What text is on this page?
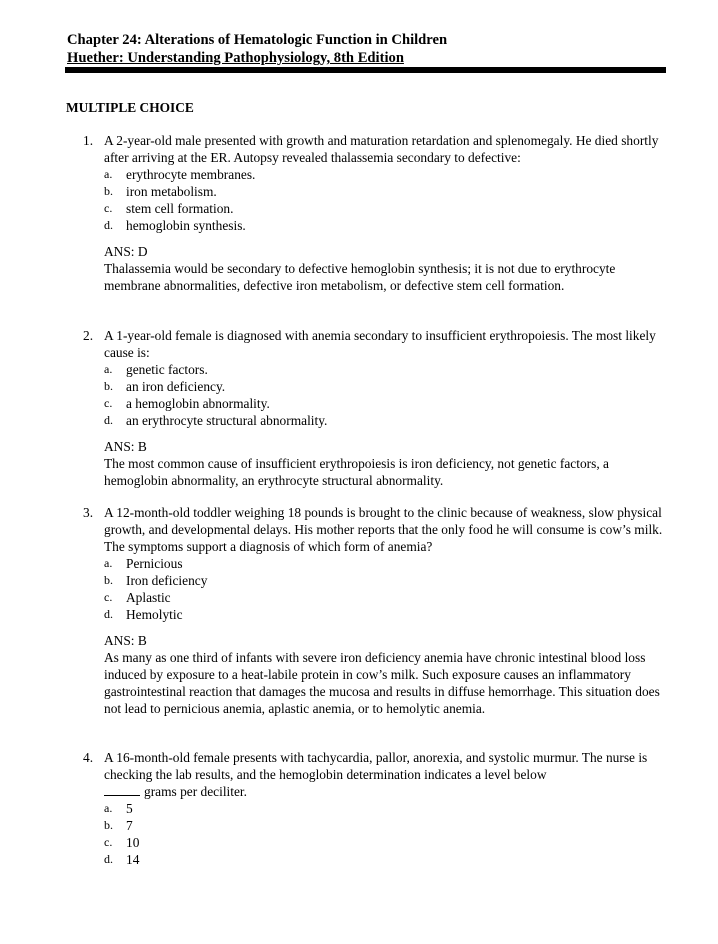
Chapter 24: Alterations of Hematologic Function in Children
Huether: Understanding Pathophysiology, 8th Edition
MULTIPLE CHOICE
1. A 2-year-old male presented with growth and maturation retardation and splenomegaly. He died shortly after arriving at the ER. Autopsy revealed thalassemia secondary to defective:
a. erythrocyte membranes.
b. iron metabolism.
c. stem cell formation.
d. hemoglobin synthesis.
ANS: D
Thalassemia would be secondary to defective hemoglobin synthesis; it is not due to erythrocyte membrane abnormalities, defective iron metabolism, or defective stem cell formation.
2. A 1-year-old female is diagnosed with anemia secondary to insufficient erythropoiesis. The most likely cause is:
a. genetic factors.
b. an iron deficiency.
c. a hemoglobin abnormality.
d. an erythrocyte structural abnormality.
ANS: B
The most common cause of insufficient erythropoiesis is iron deficiency, not genetic factors, a hemoglobin abnormality, an erythrocyte structural abnormality.
3. A 12-month-old toddler weighing 18 pounds is brought to the clinic because of weakness, slow physical growth, and developmental delays. His mother reports that the only food he will consume is cow’s milk. The symptoms support a diagnosis of which form of anemia?
a. Pernicious
b. Iron deficiency
c. Aplastic
d. Hemolytic
ANS: B
As many as one third of infants with severe iron deficiency anemia have chronic intestinal blood loss induced by exposure to a heat-labile protein in cow’s milk. Such exposure causes an inflammatory gastrointestinal reaction that damages the mucosa and results in diffuse hemorrhage. This situation does not lead to pernicious anemia, aplastic anemia, or to hemolytic anemia.
4. A 16-month-old female presents with tachycardia, pallor, anorexia, and systolic murmur. The nurse is checking the lab results, and the hemoglobin determination indicates a level below
grams per deciliter.
a. 5
b. 7
c. 10
d. 14
